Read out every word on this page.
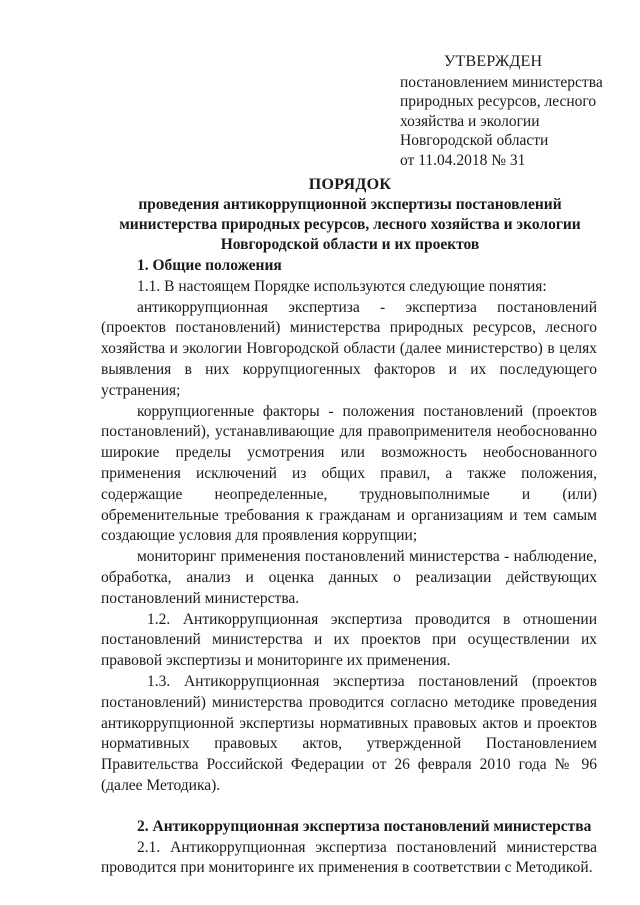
УТВЕРЖДЕН
постановлением министерства
природных ресурсов, лесного
хозяйства и экологии
Новгородской области
от 11.04.2018 № 31
ПОРЯДОК
проведения антикоррупционной экспертизы постановлений
министерства природных ресурсов, лесного хозяйства и экологии
Новгородской области и их проектов

1. Общие положения

1.1. В настоящем Порядке используются следующие понятия:

антикоррупционная экспертиза - экспертиза постановлений (проектов постановлений) министерства природных ресурсов, лесного хозяйства и экологии Новгородской области (далее министерство) в целях выявления в них коррупциогенных факторов и их последующего устранения;

коррупциогенные факторы - положения постановлений (проектов постановлений), устанавливающие для правоприменителя необоснованно широкие пределы усмотрения или возможность необоснованного применения исключений из общих правил, а также положения, содержащие неопределенные, трудновыполнимые и (или) обременительные требования к гражданам и организациям и тем самым создающие условия для проявления коррупции;

мониторинг применения постановлений министерства - наблюдение, обработка, анализ и оценка данных о реализации действующих постановлений министерства.

1.2. Антикоррупционная экспертиза проводится в отношении постановлений министерства и их проектов при осуществлении их правовой экспертизы и мониторинге их применения.

1.3. Антикоррупционная экспертиза постановлений (проектов постановлений) министерства проводится согласно методике проведения антикоррупционной экспертизы нормативных правовых актов и проектов нормативных правовых актов, утвержденной Постановлением Правительства Российской Федерации от 26 февраля 2010 года № 96 (далее Методика).

2. Антикоррупционная экспертиза постановлений министерства

2.1. Антикоррупционная экспертиза постановлений министерства проводится при мониторинге их применения в соответствии с Методикой.
